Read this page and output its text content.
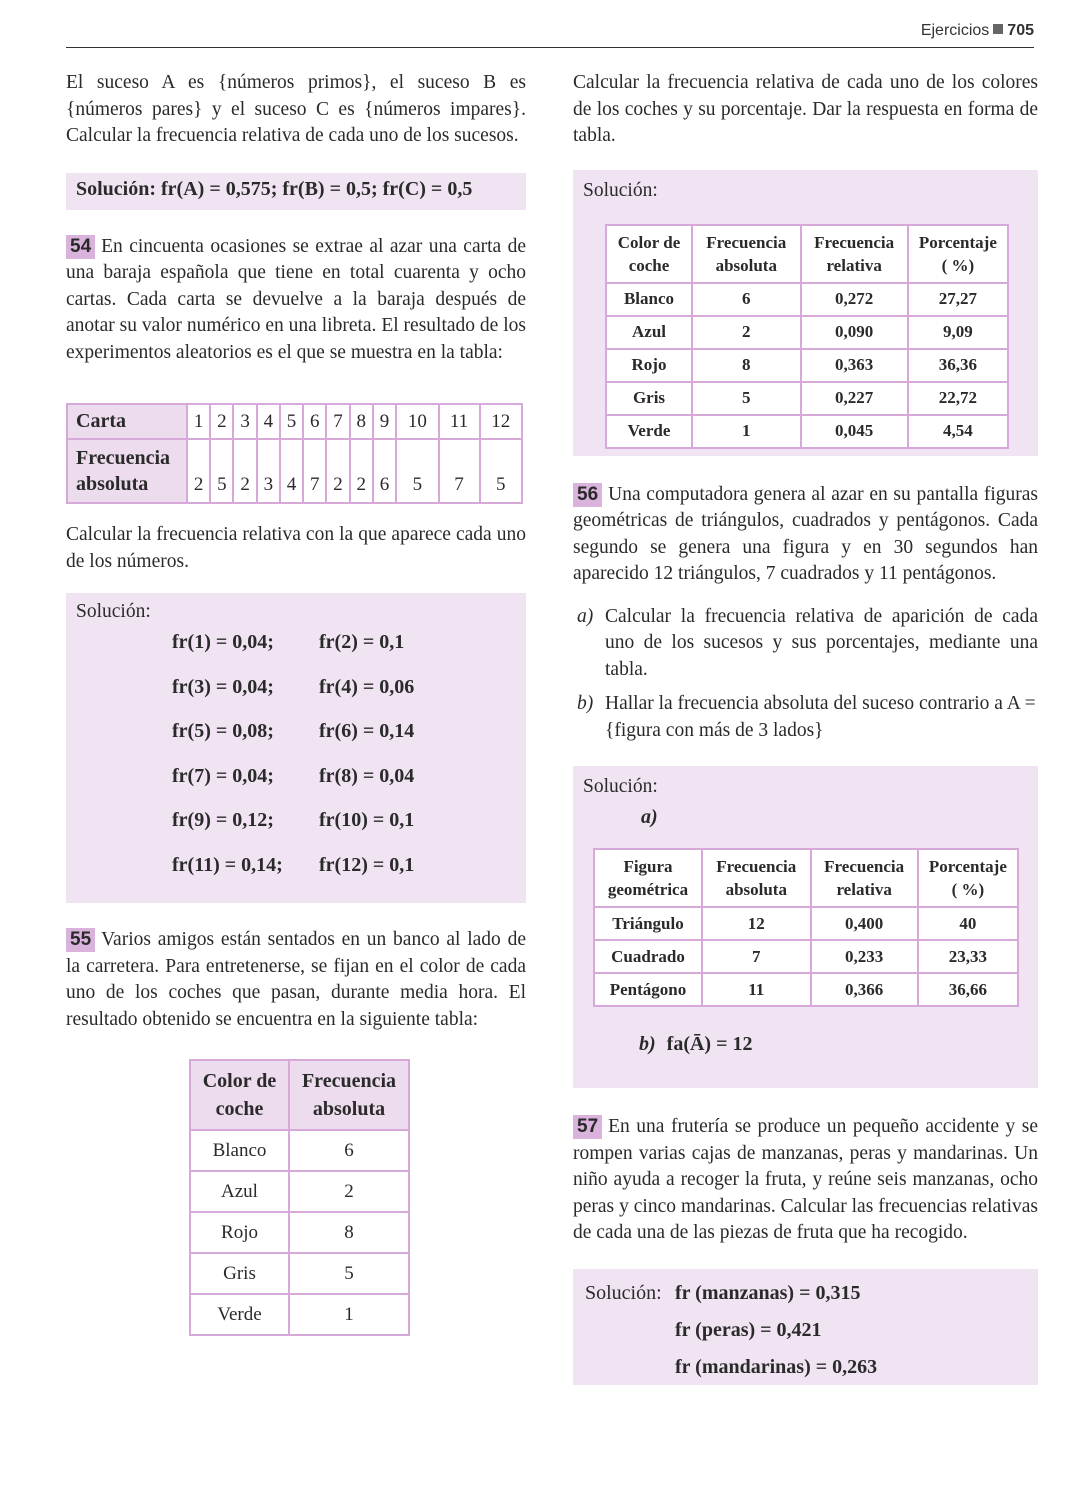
Ejercicios 705

El suceso A es {números primos}, el suceso B es {números pares} y el suceso C es {números impares}. Calcular la frecuencia relativa de cada uno de los sucesos.

Solución: fr(A) = 0,575; fr(B) = 0,5; fr(C) = 0,5

54 En cincuenta ocasiones se extrae al azar una carta de una baraja española que tiene en total cuarenta y ocho cartas. Cada carta se devuelve a la baraja después de anotar su valor numérico en una libreta. El resultado de los experimentos aleatorios es el que se muestra en la tabla:

Carta	1	2	3	4	5	6	7	8	9	10	11	12
Frecuencia absoluta	2	5	2	3	4	7	2	2	6	5	7	5

Calcular la frecuencia relativa con la que aparece cada uno de los números.

Solución:
fr(1) = 0,04; fr(2) = 0,1
fr(3) = 0,04; fr(4) = 0,06
fr(5) = 0,08; fr(6) = 0,14
fr(7) = 0,04; fr(8) = 0,04
fr(9) = 0,12; fr(10) = 0,1
fr(11) = 0,14; fr(12) = 0,1

55 Varios amigos están sentados en un banco al lado de la carretera. Para entretenerse, se fijan en el color de cada uno de los coches que pasan, durante media hora. El resultado obtenido se encuentra en la siguiente tabla:

Color de coche	Frecuencia absoluta
Blanco	6
Azul	2
Rojo	8
Gris	5
Verde	1

Calcular la frecuencia relativa de cada uno de los colores de los coches y su porcentaje. Dar la respuesta en forma de tabla.

Solución:
Color de coche	Frecuencia absoluta	Frecuencia relativa	Porcentaje ( %)
Blanco	6	0,272	27,27
Azul	2	0,090	9,09
Rojo	8	0,363	36,36
Gris	5	0,227	22,72
Verde	1	0,045	4,54

56 Una computadora genera al azar en su pantalla figuras geométricas de triángulos, cuadrados y pentágonos. Cada segundo se genera una figura y en 30 segundos han aparecido 12 triángulos, 7 cuadrados y 11 pentágonos.

a) Calcular la frecuencia relativa de aparición de cada uno de los sucesos y sus porcentajes, mediante una tabla.

b) Hallar la frecuencia absoluta del suceso contrario a A = {figura con más de 3 lados}

Solución:
a)
Figura geométrica	Frecuencia absoluta	Frecuencia relativa	Porcentaje ( %)
Triángulo	12	0,400	40
Cuadrado	7	0,233	23,33
Pentágono	11	0,366	36,66
b) fa(Ā) = 12

57 En una frutería se produce un pequeño accidente y se rompen varias cajas de manzanas, peras y mandarinas. Un niño ayuda a recoger la fruta, y reúne seis manzanas, ocho peras y cinco mandarinas. Calcular las frecuencias relativas de cada una de las piezas de fruta que ha recogido.

Solución: fr (manzanas) = 0,315
fr (peras) = 0,421
fr (mandarinas) = 0,263
